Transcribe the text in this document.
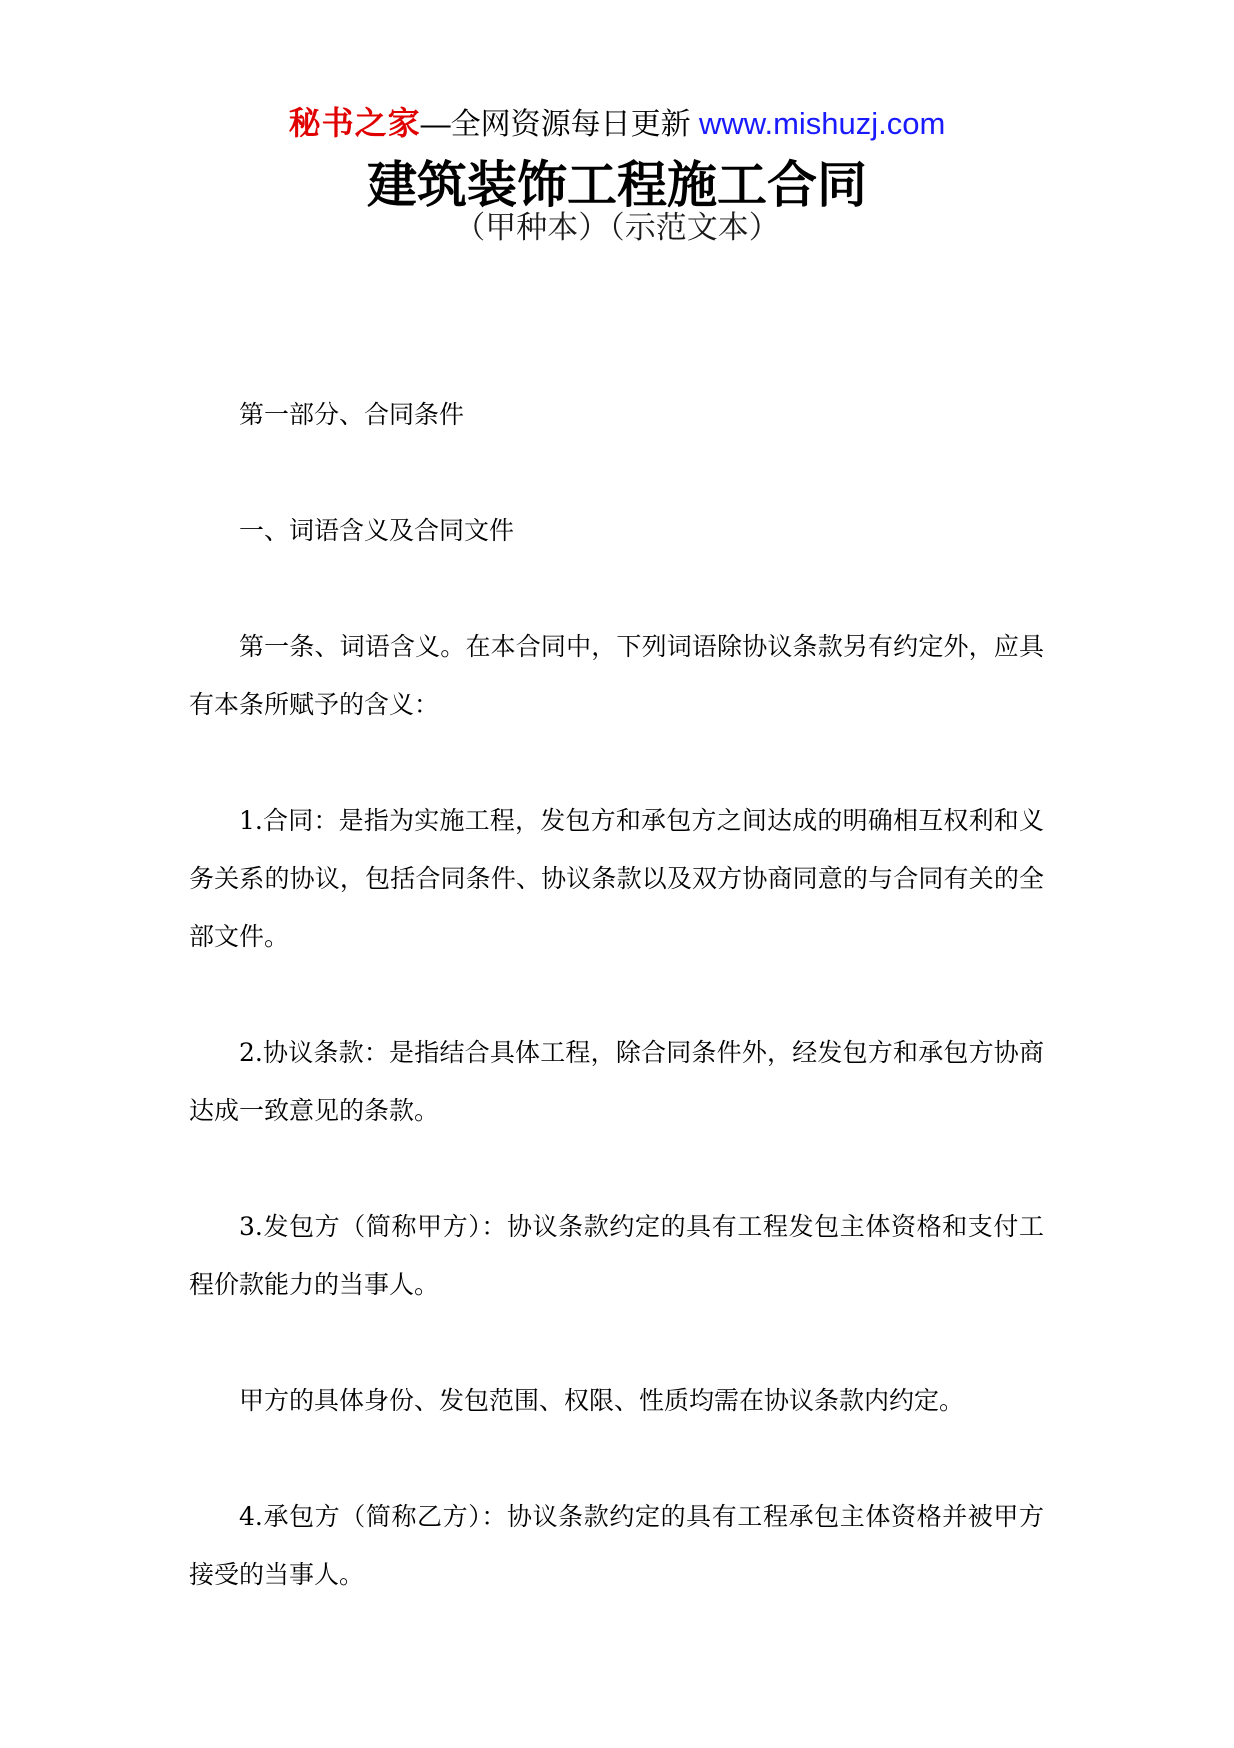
秘书之家—全网资源每日更新 www.mishuzj.com
建筑装饰工程施工合同
（甲种本）（示范文本）
第一部分、合同条件
一、词语含义及合同文件
第一条、词语含义。在本合同中，下列词语除协议条款另有约定外，应具
有本条所赋予的含义：
1.合同：是指为实施工程，发包方和承包方之间达成的明确相互权利和义
务关系的协议，包括合同条件、协议条款以及双方协商同意的与合同有关的全
部文件。
2.协议条款：是指结合具体工程，除合同条件外，经发包方和承包方协商
达成一致意见的条款。
3.发包方（简称甲方）：协议条款约定的具有工程发包主体资格和支付工
程价款能力的当事人。
甲方的具体身份、发包范围、权限、性质均需在协议条款内约定。
4.承包方（简称乙方）：协议条款约定的具有工程承包主体资格并被甲方
接受的当事人。
